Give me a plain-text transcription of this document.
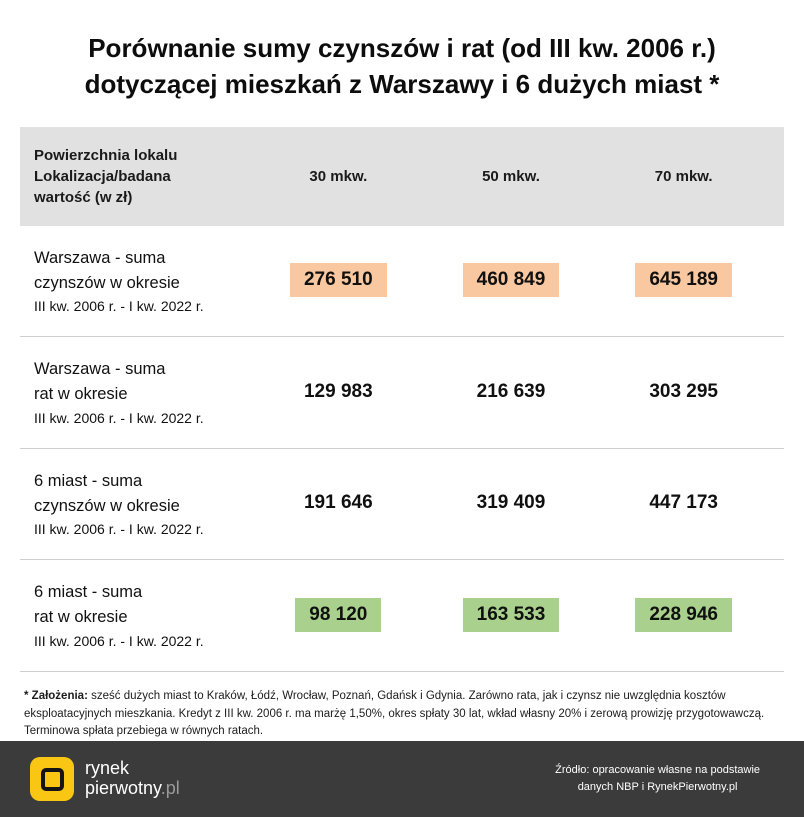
Porównanie sumy czynszów i rat (od III kw. 2006 r.)
dotyczącej mieszkań z Warszawy i 6 dużych miast *
Powierzchnia lokalu
Lokalizacja/badana
wartość (w zł)
30 mkw.	50 mkw.	70 mkw.
Warszawa - suma
czynszów w okresie
III kw. 2006 r. - I kw. 2022 r.
276 510	460 849	645 189
Warszawa - suma
rat w okresie
III kw. 2006 r. - I kw. 2022 r.
129 983	216 639	303 295
6 miast - suma
czynszów w okresie
III kw. 2006 r. - I kw. 2022 r.
191 646	319 409	447 173
6 miast - suma
rat w okresie
III kw. 2006 r. - I kw. 2022 r.
98 120	163 533	228 946
* Założenia: sześć dużych miast to Kraków, Łódź, Wrocław, Poznań, Gdańsk i Gdynia. Zarówno rata, jak i czynsz nie uwzględnia kosztów eksploatacyjnych mieszkania. Kredyt z III kw. 2006 r. ma marżę 1,50%, okres spłaty 30 lat, wkład własny 20% i zerową prowizję przygotowawczą. Terminowa spłata przebiega w równych ratach.
rynek
pierwotny.pl
Źródło: opracowanie własne na podstawie
danych NBP i RynekPierwotny.pl
